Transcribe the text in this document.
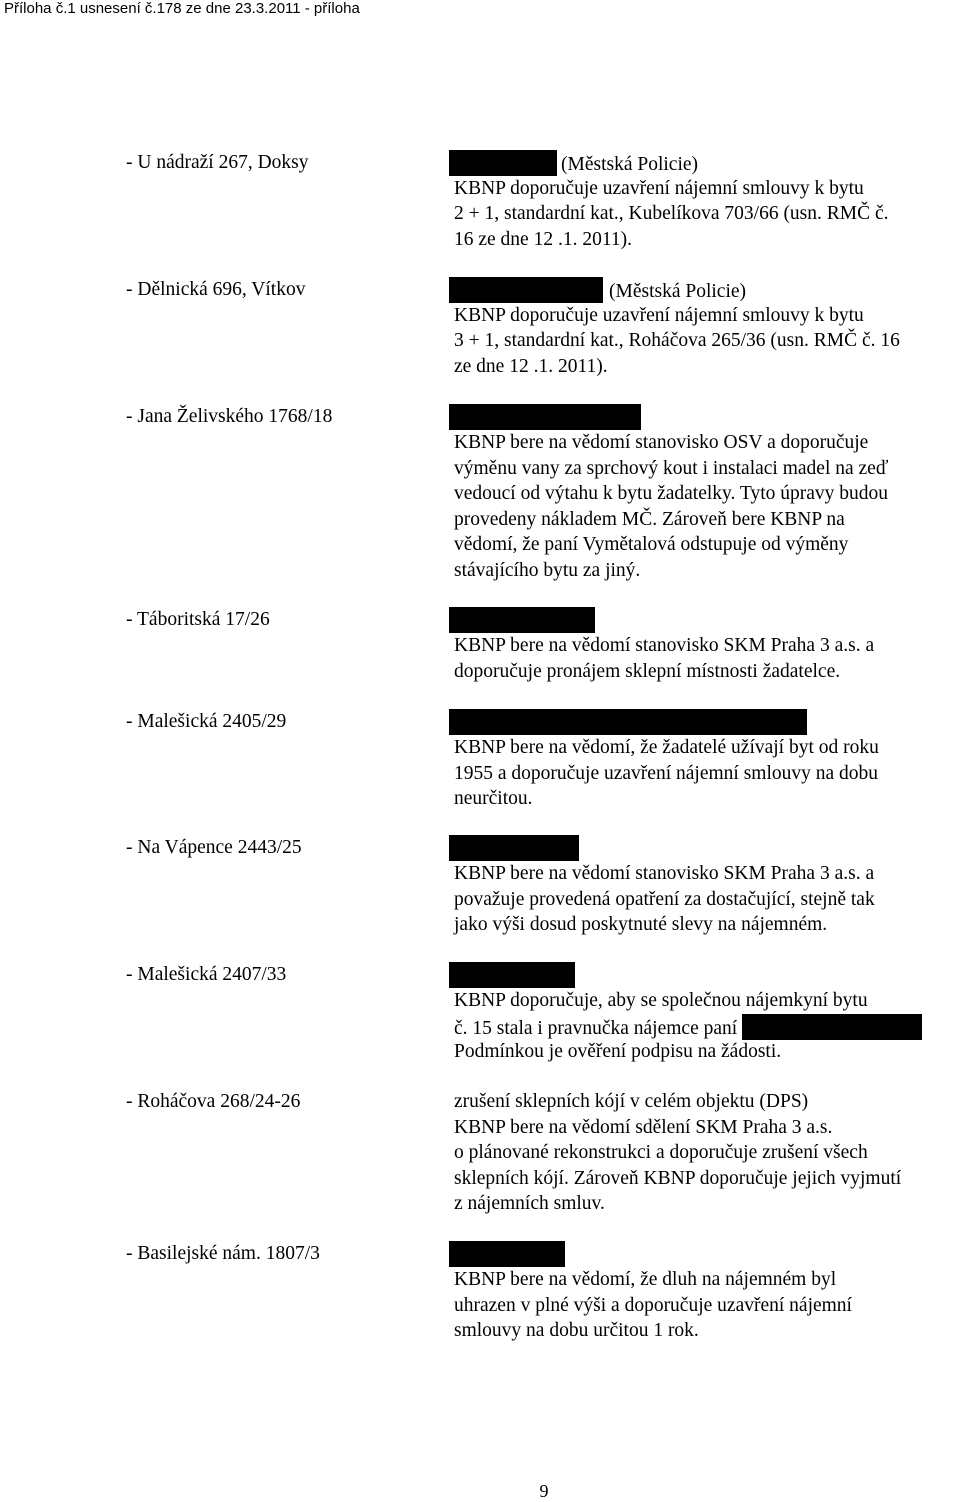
Příloha č.1 usnesení č.178 ze dne 23.3.2011 - příloha
- U nádraží 267, Doksy	(Městská Policie)
KBNP doporučuje uzavření nájemní smlouvy k bytu
2 + 1, standardní kat., Kubelíkova 703/66 (usn. RMČ č.
16 ze dne 12 .1. 2011).
- Dělnická 696, Vítkov	(Městská Policie)
KBNP doporučuje uzavření nájemní smlouvy k bytu
3 + 1, standardní kat., Roháčova 265/36 (usn. RMČ č. 16
ze dne 12 .1. 2011).
- Jana Želivského 1768/18
KBNP bere na vědomí stanovisko OSV a doporučuje
výměnu vany za sprchový kout i instalaci madel na zeď
vedoucí od výtahu k bytu žadatelky. Tyto úpravy budou
provedeny nákladem MČ. Zároveň bere KBNP na
vědomí, že paní Vymětalová odstupuje od výměny
stávajícího bytu za jiný.
- Táboritská 17/26
KBNP bere na vědomí stanovisko SKM Praha 3 a.s. a
doporučuje pronájem sklepní místnosti žadatelce.
- Malešická 2405/29
KBNP bere na vědomí, že žadatelé užívají byt od roku
1955 a doporučuje uzavření nájemní smlouvy na dobu
neurčitou.
- Na Vápence 2443/25
KBNP bere na vědomí stanovisko SKM Praha 3 a.s. a
považuje provedená opatření za dostačující, stejně tak
jako výši dosud poskytnuté slevy na nájemném.
- Malešická 2407/33
KBNP doporučuje, aby se společnou nájemkyní bytu
č. 15 stala i pravnučka nájemce paní
Podmínkou je ověření podpisu na žádosti.
- Roháčova 268/24-26	zrušení sklepních kójí v celém objektu (DPS)
KBNP bere na vědomí sdělení SKM Praha 3 a.s.
o plánované rekonstrukci a doporučuje zrušení všech
sklepních kójí. Zároveň KBNP doporučuje jejich vyjmutí
z nájemních smluv.
- Basilejské nám. 1807/3
KBNP bere na vědomí, že dluh na nájemném byl
uhrazen v plné výši a doporučuje uzavření nájemní
smlouvy na dobu určitou 1 rok.
9
